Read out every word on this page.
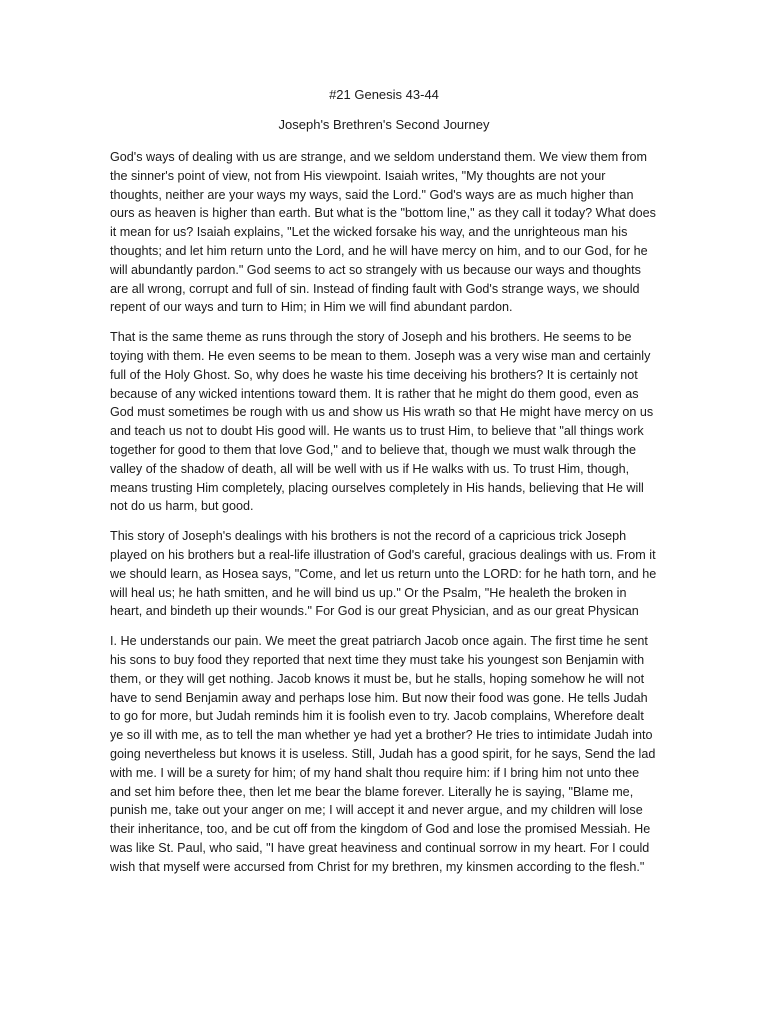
#21 Genesis 43-44
Joseph's Brethren's Second Journey

God's ways of dealing with us are strange, and we seldom understand them. We view them from the sinner's point of view, not from His viewpoint. Isaiah writes, "My thoughts are not your thoughts, neither are your ways my ways, said the Lord." God's ways are as much higher than ours as heaven is higher than earth. But what is the "bottom line," as they call it today? What does it mean for us? Isaiah explains, "Let the wicked forsake his way, and the unrighteous man his thoughts; and let him return unto the Lord, and he will have mercy on him, and to our God, for he will abundantly pardon." God seems to act so strangely with us because our ways and thoughts are all wrong, corrupt and full of sin. Instead of finding fault with God's strange ways, we should repent of our ways and turn to Him; in Him we will find abundant pardon.

That is the same theme as runs through the story of Joseph and his brothers. He seems to be toying with them. He even seems to be mean to them. Joseph was a very wise man and certainly full of the Holy Ghost. So, why does he waste his time deceiving his brothers? It is certainly not because of any wicked intentions toward them. It is rather that he might do them good, even as God must sometimes be rough with us and show us His wrath so that He might have mercy on us and teach us not to doubt His good will. He wants us to trust Him, to believe that "all things work together for good to them that love God," and to believe that, though we must walk through the valley of the shadow of death, all will be well with us if He walks with us. To trust Him, though, means trusting Him completely, placing ourselves completely in His hands, believing that He will not do us harm, but good.

This story of Joseph's dealings with his brothers is not the record of a capricious trick Joseph played on his brothers but a real-life illustration of God's careful, gracious dealings with us. From it we should learn, as Hosea says, "Come, and let us return unto the LORD: for he hath torn, and he will heal us; he hath smitten, and he will bind us up." Or the Psalm, "He healeth the broken in heart, and bindeth up their wounds." For God is our great Physician, and as our great Physican

I. He understands our pain. We meet the great patriarch Jacob once again. The first time he sent his sons to buy food they reported that next time they must take his youngest son Benjamin with them, or they will get nothing. Jacob knows it must be, but he stalls, hoping somehow he will not have to send Benjamin away and perhaps lose him. But now their food was gone. He tells Judah to go for more, but Judah reminds him it is foolish even to try. Jacob complains, Wherefore dealt ye so ill with me, as to tell the man whether ye had yet a brother? He tries to intimidate Judah into going nevertheless but knows it is useless. Still, Judah has a good spirit, for he says, Send the lad with me. I will be a surety for him; of my hand shalt thou require him: if I bring him not unto thee and set him before thee, then let me bear the blame forever. Literally he is saying, "Blame me, punish me, take out your anger on me; I will accept it and never argue, and my children will lose their inheritance, too, and be cut off from the kingdom of God and lose the promised Messiah. He was like St. Paul, who said, "I have great heaviness and continual sorrow in my heart. For I could wish that myself were accursed from Christ for my brethren, my kinsmen according to the flesh."
